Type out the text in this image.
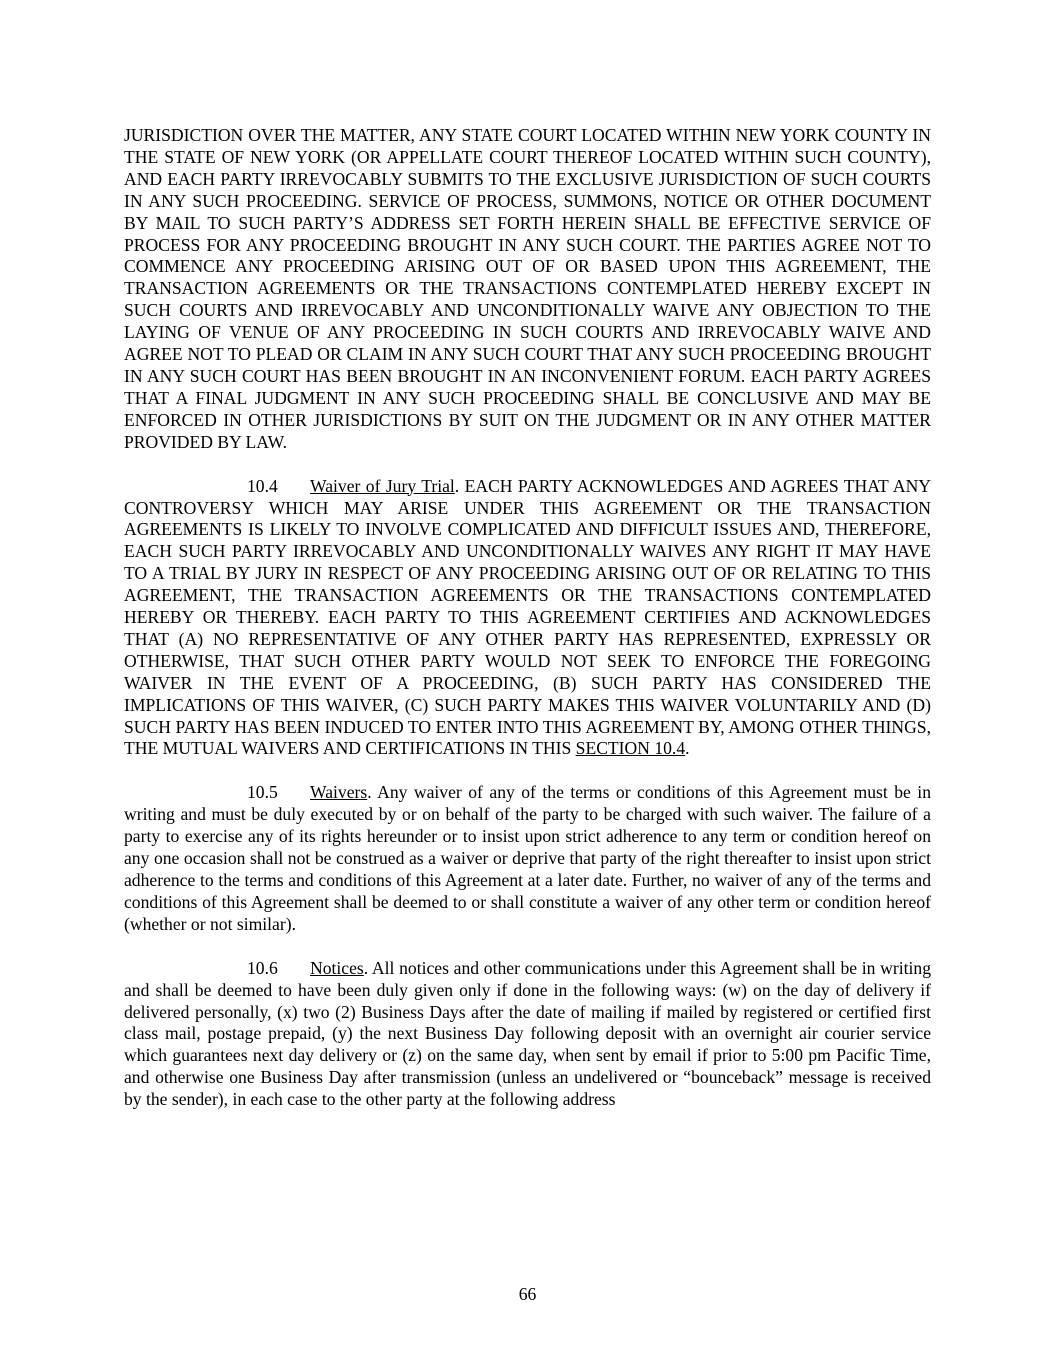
JURISDICTION OVER THE MATTER, ANY STATE COURT LOCATED WITHIN NEW YORK COUNTY IN THE STATE OF NEW YORK (OR APPELLATE COURT THEREOF LOCATED WITHIN SUCH COUNTY), AND EACH PARTY IRREVOCABLY SUBMITS TO THE EXCLUSIVE JURISDICTION OF SUCH COURTS IN ANY SUCH PROCEEDING. SERVICE OF PROCESS, SUMMONS, NOTICE OR OTHER DOCUMENT BY MAIL TO SUCH PARTY’S ADDRESS SET FORTH HEREIN SHALL BE EFFECTIVE SERVICE OF PROCESS FOR ANY PROCEEDING BROUGHT IN ANY SUCH COURT. THE PARTIES AGREE NOT TO COMMENCE ANY PROCEEDING ARISING OUT OF OR BASED UPON THIS AGREEMENT, THE TRANSACTION AGREEMENTS OR THE TRANSACTIONS CONTEMPLATED HEREBY EXCEPT IN SUCH COURTS AND IRREVOCABLY AND UNCONDITIONALLY WAIVE ANY OBJECTION TO THE LAYING OF VENUE OF ANY PROCEEDING IN SUCH COURTS AND IRREVOCABLY WAIVE AND AGREE NOT TO PLEAD OR CLAIM IN ANY SUCH COURT THAT ANY SUCH PROCEEDING BROUGHT IN ANY SUCH COURT HAS BEEN BROUGHT IN AN INCONVENIENT FORUM. EACH PARTY AGREES THAT A FINAL JUDGMENT IN ANY SUCH PROCEEDING SHALL BE CONCLUSIVE AND MAY BE ENFORCED IN OTHER JURISDICTIONS BY SUIT ON THE JUDGMENT OR IN ANY OTHER MATTER PROVIDED BY LAW.

10.4 Waiver of Jury Trial. EACH PARTY ACKNOWLEDGES AND AGREES THAT ANY CONTROVERSY WHICH MAY ARISE UNDER THIS AGREEMENT OR THE TRANSACTION AGREEMENTS IS LIKELY TO INVOLVE COMPLICATED AND DIFFICULT ISSUES AND, THEREFORE, EACH SUCH PARTY IRREVOCABLY AND UNCONDITIONALLY WAIVES ANY RIGHT IT MAY HAVE TO A TRIAL BY JURY IN RESPECT OF ANY PROCEEDING ARISING OUT OF OR RELATING TO THIS AGREEMENT, THE TRANSACTION AGREEMENTS OR THE TRANSACTIONS CONTEMPLATED HEREBY OR THEREBY. EACH PARTY TO THIS AGREEMENT CERTIFIES AND ACKNOWLEDGES THAT (A) NO REPRESENTATIVE OF ANY OTHER PARTY HAS REPRESENTED, EXPRESSLY OR OTHERWISE, THAT SUCH OTHER PARTY WOULD NOT SEEK TO ENFORCE THE FOREGOING WAIVER IN THE EVENT OF A PROCEEDING, (B) SUCH PARTY HAS CONSIDERED THE IMPLICATIONS OF THIS WAIVER, (C) SUCH PARTY MAKES THIS WAIVER VOLUNTARILY AND (D) SUCH PARTY HAS BEEN INDUCED TO ENTER INTO THIS AGREEMENT BY, AMONG OTHER THINGS, THE MUTUAL WAIVERS AND CERTIFICATIONS IN THIS SECTION 10.4.

10.5 Waivers. Any waiver of any of the terms or conditions of this Agreement must be in writing and must be duly executed by or on behalf of the party to be charged with such waiver. The failure of a party to exercise any of its rights hereunder or to insist upon strict adherence to any term or condition hereof on any one occasion shall not be construed as a waiver or deprive that party of the right thereafter to insist upon strict adherence to the terms and conditions of this Agreement at a later date. Further, no waiver of any of the terms and conditions of this Agreement shall be deemed to or shall constitute a waiver of any other term or condition hereof (whether or not similar).

10.6 Notices. All notices and other communications under this Agreement shall be in writing and shall be deemed to have been duly given only if done in the following ways: (w) on the day of delivery if delivered personally, (x) two (2) Business Days after the date of mailing if mailed by registered or certified first class mail, postage prepaid, (y) the next Business Day following deposit with an overnight air courier service which guarantees next day delivery or (z) on the same day, when sent by email if prior to 5:00 pm Pacific Time, and otherwise one Business Day after transmission (unless an undelivered or “bounceback” message is received by the sender), in each case to the other party at the following address

66
